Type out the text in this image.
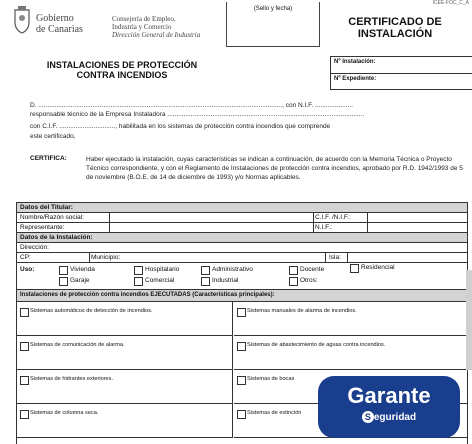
ICEE-FOC_C_A
Gobierno
de Canarias
Consejería de Empleo,
Industria y Comercio
Dirección General de Industria
(Sello y fecha)
CERTIFICADO DE
INSTALACIÓN
INSTALACIONES DE PROTECCIÓN
CONTRA INCENDIOS
Nº Instalación:
Nº Expediente:
D. ......................................................................................................................................., con N.I.F. .....................
responsable técnico de la Empresa Instaladora .............................................................................................................
con C.I.F. ..............................., habilitada en los sistemas de protección contra incendios que comprende
este certificado,
CERTIFICA:	Haber ejecutado la instalación, cuyas características se indican a continuación, de acuerdo con la Memoria Técnica o Proyecto Técnico correspondiente, y con el Reglamento de Instalaciones de protección contra incendios, aprobado por R.D. 1942/1993 de 5 de noviembre (B.O.E. de 14 de diciembre de 1993) y/o Normas aplicables.
Datos del Titular:
Nombre/Razón social:	C.I.F. /N.I.F.:
Representante:	N.I.F.:
Datos de la Instalación:
Dirección:
CP:	Municipio:	Isla:
Uso:	Vivienda	Hospitalario	Administrativo	Docente	Residencial
Garaje	Comercial	Industrial	Otros:
Instalaciones de protección contra incendios EJECUTADAS (Características principales):
Sistemas automáticos de detección de incendios.	Sistemas manuales de alarma de incendios.
Sistemas de comunicación de alarma.	Sistemas de abastecimiento de aguas contra incendios.
Sistemas de hidrantes exteriores.	Sistemas de bocas
Sistemas de columna seca.	Sistemas de extinción
Garante
S eguridad
